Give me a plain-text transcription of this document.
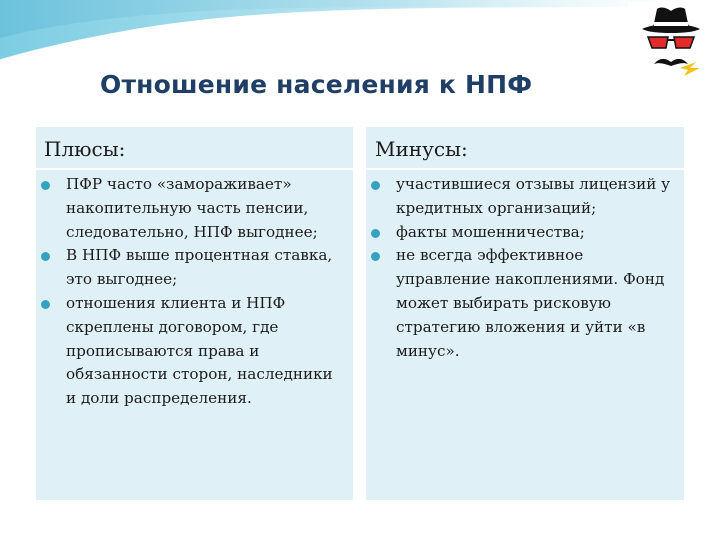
Отношение населения к НПФ
Плюсы:
ПФР часто «замораживает» накопительную часть пенсии, следовательно, НПФ выгоднее;
В НПФ выше процентная ставка, это выгоднее;
отношения клиента и НПФ скреплены договором, где прописываются права и обязанности сторон, наследники и доли распределения.
Минусы:
участившиеся отзывы лицензий у кредитных организаций;
факты мошенничества;
не всегда эффективное управление накоплениями. Фонд может выбирать рисковую стратегию вложения и уйти «в минус».
